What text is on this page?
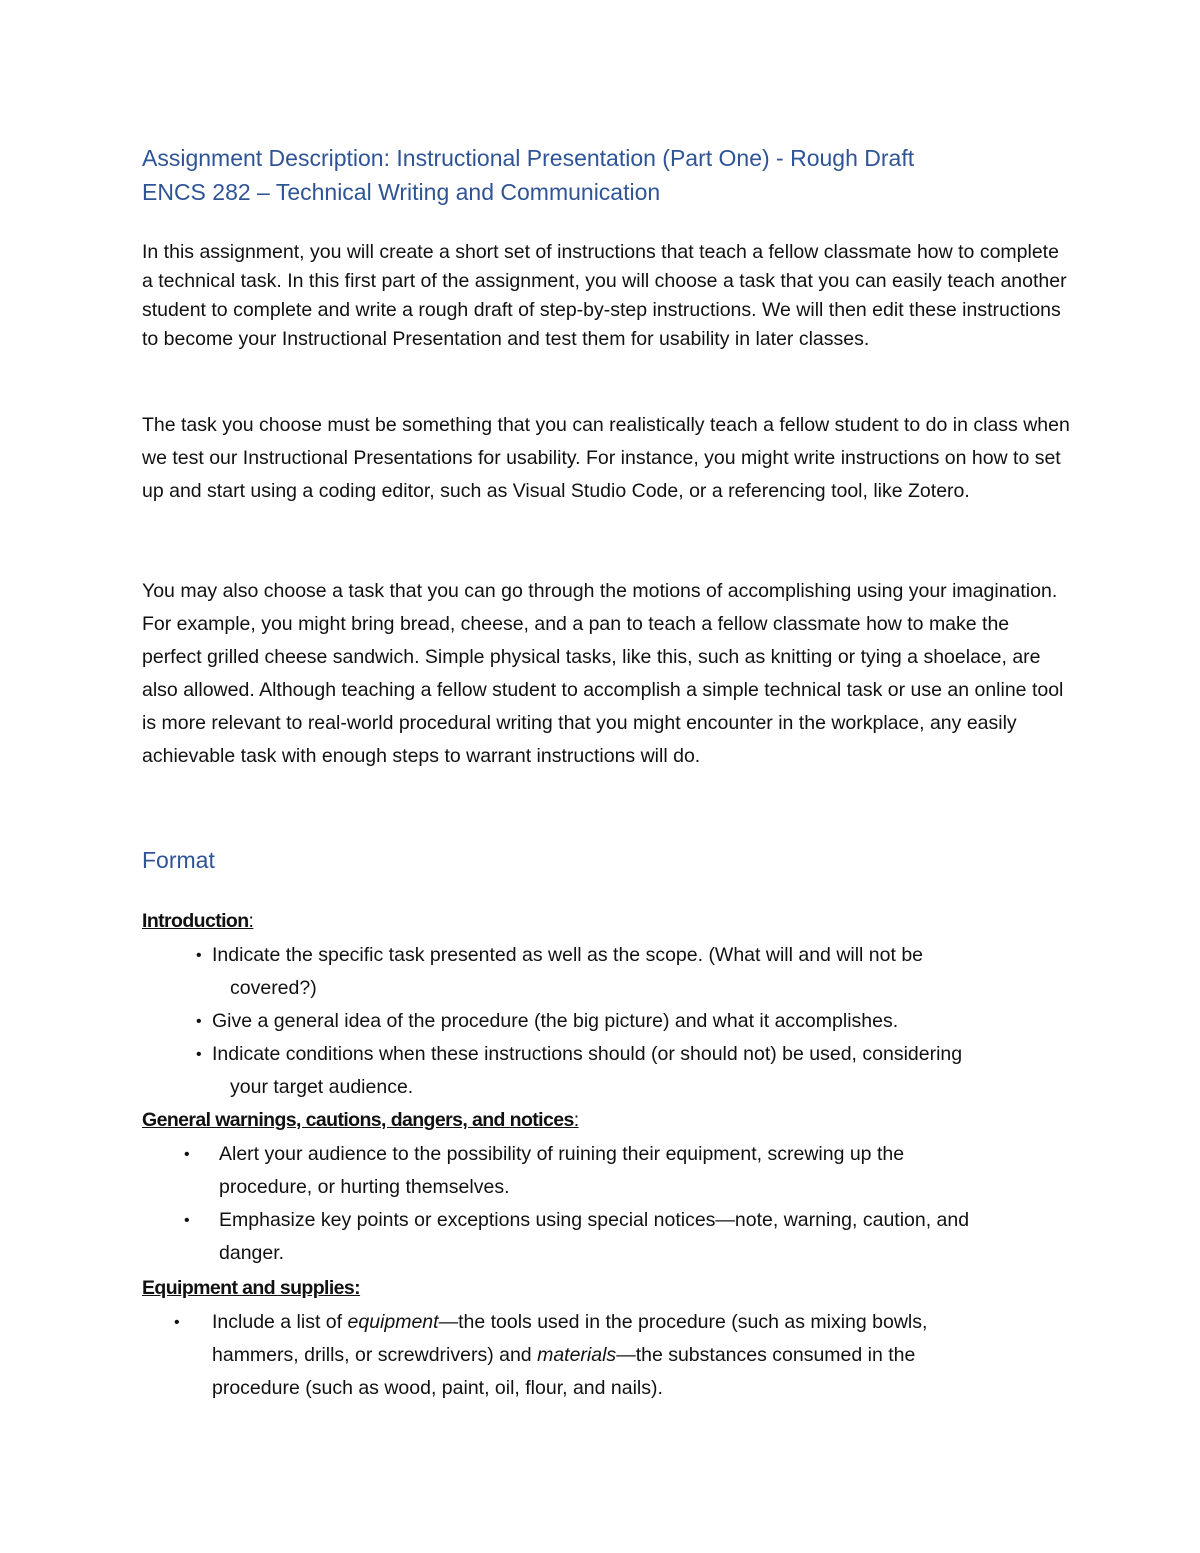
Assignment Description: Instructional Presentation (Part One) - Rough Draft

ENCS 282 – Technical Writing and Communication

In this assignment, you will create a short set of instructions that teach a fellow classmate how to complete a technical task. In this first part of the assignment, you will choose a task that you can easily teach another student to complete and write a rough draft of step-by-step instructions. We will then edit these instructions to become your Instructional Presentation and test them for usability in later classes.

The task you choose must be something that you can realistically teach a fellow student to do in class when we test our Instructional Presentations for usability. For instance, you might write instructions on how to set up and start using a coding editor, such as Visual Studio Code, or a referencing tool, like Zotero.

You may also choose a task that you can go through the motions of accomplishing using your imagination. For example, you might bring bread, cheese, and a pan to teach a fellow classmate how to make the perfect grilled cheese sandwich. Simple physical tasks, like this, such as knitting or tying a shoelace, are also allowed. Although teaching a fellow student to accomplish a simple technical task or use an online tool is more relevant to real-world procedural writing that you might encounter in the workplace, any easily achievable task with enough steps to warrant instructions will do.

Format

Introduction:
• Indicate the specific task presented as well as the scope. (What will and will not be
covered?)
• Give a general idea of the procedure (the big picture) and what it accomplishes.
• Indicate conditions when these instructions should (or should not) be used, considering
your target audience.
General warnings, cautions, dangers, and notices:
• Alert your audience to the possibility of ruining their equipment, screwing up the
procedure, or hurting themselves.
• Emphasize key points or exceptions using special notices—note, warning, caution, and
danger.
Equipment and supplies:
• Include a list of equipment—the tools used in the procedure (such as mixing bowls,
hammers, drills, or screwdrivers) and materials—the substances consumed in the
procedure (such as wood, paint, oil, flour, and nails).
